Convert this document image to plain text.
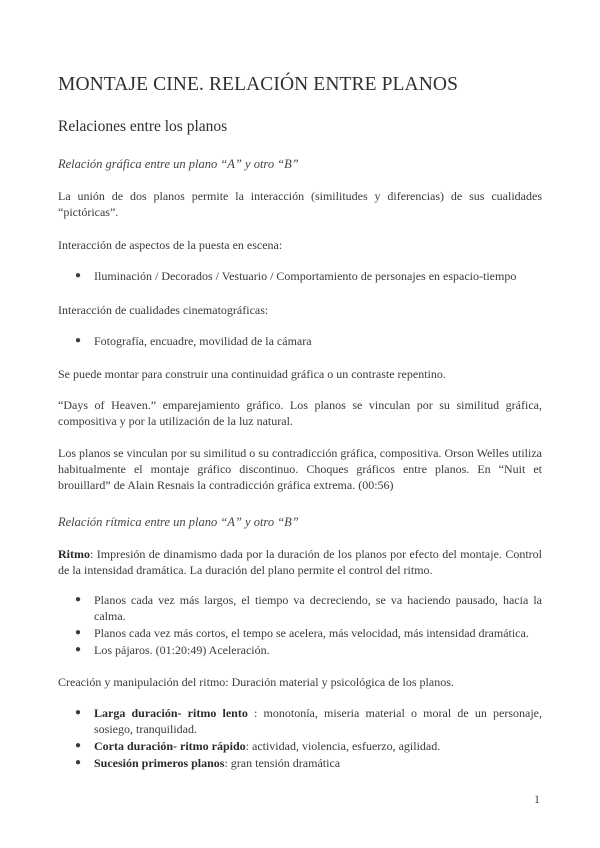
MONTAJE CINE. RELACIÓN ENTRE PLANOS
Relaciones entre los planos
Relación gráfica entre un plano “A” y otro “B”

La unión de dos planos permite la interacción (similitudes y diferencias) de sus cualidades “pictóricas”.

Interacción de aspectos de la puesta en escena:

● Iluminación / Decorados / Vestuario / Comportamiento de personajes en espacio-tiempo

Interacción de cualidades cinematográficas:

● Fotografía, encuadre, movilidad de la cámara

Se puede montar para construir una continuidad gráfica o un contraste repentino.

“Days of Heaven.” emparejamiento gráfico. Los planos se vinculan por su similitud gráfica, compositiva y por la utilización de la luz natural.

Los planos se vinculan por su similitud o su contradicción gráfica, compositiva. Orson Welles utiliza habitualmente el montaje gráfico discontinuo. Choques gráficos entre planos. En “Nuit et brouillard” de Alain Resnais la contradicción gráfica extrema. (00:56)

Relación rítmica entre un plano “A” y otro “B”

Ritmo: Impresión de dinamismo dada por la duración de los planos por efecto del montaje. Control de la intensidad dramática. La duración del plano permite el control del ritmo.

● Planos cada vez más largos, el tiempo va decreciendo, se va haciendo pausado, hacia la calma.
● Planos cada vez más cortos, el tempo se acelera, más velocidad, más intensidad dramática.
● Los pájaros. (01:20:49) Aceleración.

Creación y manipulación del ritmo: Duración material y psicológica de los planos.

● Larga duración- ritmo lento : monotonía, miseria material o moral de un personaje, sosiego, tranquilidad.
● Corta duración- ritmo rápido: actividad, violencia, esfuerzo, agilidad.
● Sucesión primeros planos: gran tensión dramática
1
